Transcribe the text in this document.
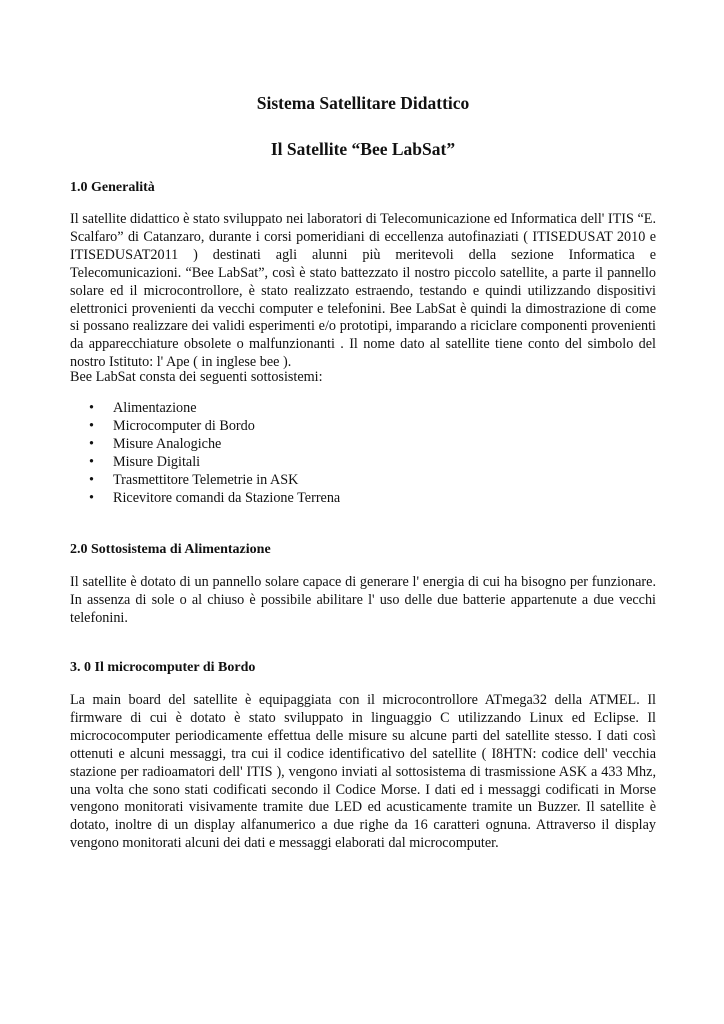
Sistema Satellitare Didattico
Il Satellite “Bee LabSat”
1.0 Generalità

Il satellite didattico è stato sviluppato nei laboratori di Telecomunicazione ed Informatica dell' ITIS “E. Scalfaro” di Catanzaro, durante i corsi pomeridiani di eccellenza autofinaziati ( ITISEDUSAT 2010 e ITISEDUSAT2011 ) destinati agli alunni più meritevoli della sezione Informatica e Telecomunicazioni. “Bee LabSat”, così è stato battezzato il nostro piccolo satellite, a parte il pannello solare ed il microcontrollore, è stato realizzato estraendo, testando e quindi utilizzando dispositivi elettronici provenienti da vecchi computer e telefonini. Bee LabSat è quindi la dimostrazione di come si possano realizzare dei validi esperimenti e/o prototipi, imparando a riciclare componenti provenienti da apparecchiature obsolete o malfunzionanti . Il nome dato al satellite tiene conto del simbolo del nostro Istituto: l' Ape ( in inglese bee ).

Bee LabSat consta dei seguenti sottosistemi:

• Alimentazione
• Microcomputer di Bordo
• Misure Analogiche
• Misure Digitali
• Trasmettitore Telemetrie in ASK
• Ricevitore comandi da Stazione Terrena
2.0 Sottosistema di Alimentazione

Il satellite è dotato di un pannello solare capace di generare l' energia di cui ha bisogno per funzionare. In assenza di sole o al chiuso è possibile abilitare l' uso delle due batterie appartenute a due vecchi telefonini.

3. 0 Il microcomputer di Bordo

La main board del satellite è equipaggiata con il microcontrollore ATmega32 della ATMEL. Il firmware di cui è dotato è stato sviluppato in linguaggio C utilizzando Linux ed Eclipse. Il micrococomputer periodicamente effettua delle misure su alcune parti del satellite stesso. I dati così ottenuti e alcuni messaggi, tra cui il codice identificativo del satellite ( I8HTN: codice dell' vecchia stazione per radioamatori dell' ITIS ), vengono inviati al sottosistema di trasmissione ASK a 433 Mhz, una volta che sono stati codificati secondo il Codice Morse. I dati ed i messaggi codificati in Morse vengono monitorati visivamente tramite due LED ed acusticamente tramite un Buzzer. Il satellite è dotato, inoltre di un display alfanumerico a due righe da 16 caratteri ognuna. Attraverso il display vengono monitorati alcuni dei dati e messaggi elaborati dal microcomputer.
